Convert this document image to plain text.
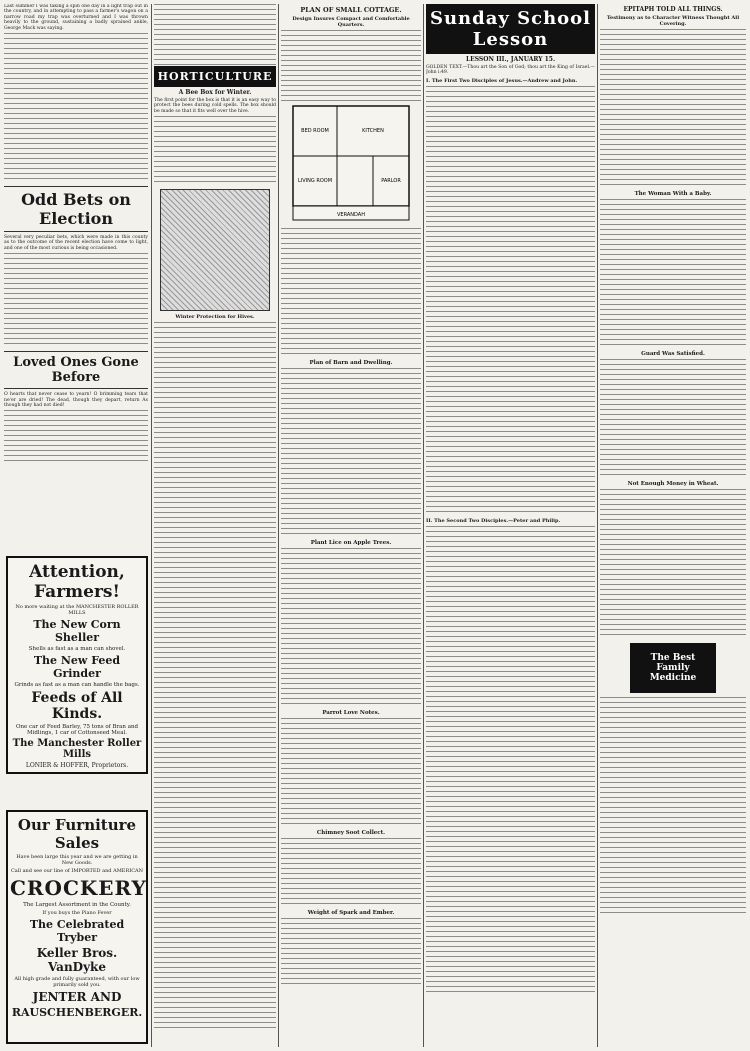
Last summer I was taking a spin one day in a light trap out in the country, and in attempting to pass a farmer's wagon on a narrow road my trap was overturned and I was thrown heavily to the ground, sustaining a badly sprained ankle, George Mack was saying.

Odd Bets on Election

Several very peculiar bets, which were made in this county as to the outcome of the recent election have come to light, and one of the most curious is being occasioned.

Loved Ones Gone Before

O hearts that never cease to yearn! O brimming tears that ne'er are dried! The dead, though they depart, return As though they had not died!

Attention, Farmers!
No more waiting at the MANCHESTER ROLLER MILLS
The New Corn Sheller
Shells as fast as a man can shovel.
The New Feed Grinder
Grinds as fast as a man can handle the bags.
Feeds of All Kinds.
One car of Feed Barley, 75 tons of Bran and Midlings, 1 car of Cottonseed Meal.
The Manchester Roller Mills
LONIER & HOFFER, Proprietors.
Our Furniture Sales
Have been large this year and we are getting in New Goods.
Call and see our line of IMPORTED and AMERICAN
CROCKERY
The Largest Assortment in the County.
If you buys the Piano Fever
The Celebrated Tryber
Keller Bros. VanDyke
All high grade and fully guaranteed, with our low primarily sold you.
JENTER AND
RAUSCHENBERGER.
HORTICULTURE
A Bee Box for Winter.

The first point for the box is that it is an easy way to protect the bees during cold spells. The box should be made so that it fits well over the hive.

Winter Protection for Hives.
PLAN OF SMALL COTTAGE.
Design Insures Compact and Comfortable Quarters.
BED ROOM	KITCHEN
LIVING ROOM	PARLOR
VERANDAH
Plan of Barn and Dwelling.
Plant Lice on Apple Trees.
Parrot Love Notes.
Chimney Soot Collect.
Weight of Spark and Ember.
Sunday School Lesson
LESSON III., JANUARY 15.

GOLDEN TEXT.—Thou art the Son of God; thou art the King of Israel.—John i:49.

I. The First Two Disciples of Jesus.—Andrew and John.
II. The Second Two Disciples.—Peter and Philip.
EPITAPH TOLD ALL THINGS.
Testimony as to Character Witness Thought All Covering.
The Woman With a Baby.
Guard Was Satisfied.
Not Enough Money in Wheat.
The Best Family Medicine
